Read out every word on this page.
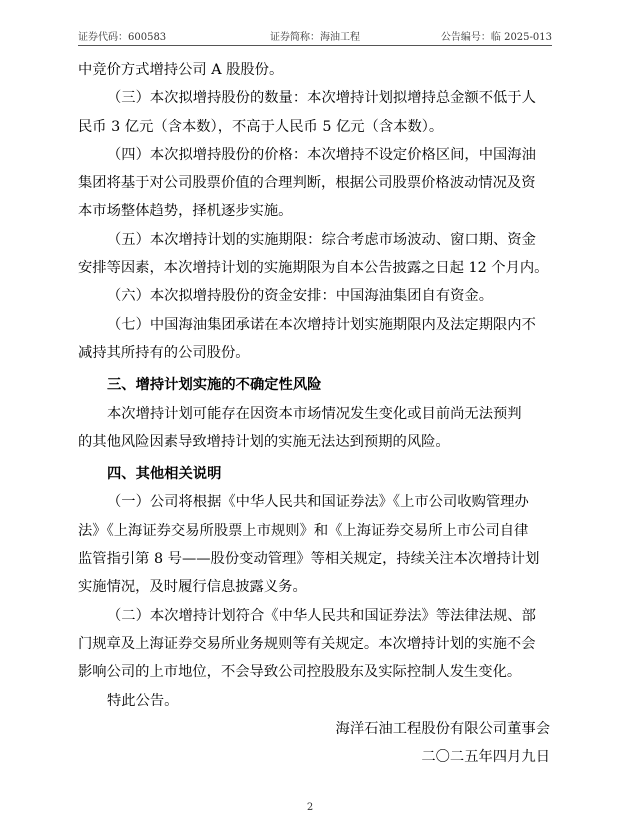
证券代码：600583	证券简称：海油工程	公告编号：临 2025-013
中竞价方式增持公司 A 股股份。
（三）本次拟增持股份的数量：本次增持计划拟增持总金额不低于人
民币 3 亿元（含本数），不高于人民币 5 亿元（含本数）。
（四）本次拟增持股份的价格：本次增持不设定价格区间，中国海油
集团将基于对公司股票价值的合理判断，根据公司股票价格波动情况及资
本市场整体趋势，择机逐步实施。
（五）本次增持计划的实施期限：综合考虑市场波动、窗口期、资金
安排等因素，本次增持计划的实施期限为自本公告披露之日起 12 个月内。
（六）本次拟增持股份的资金安排：中国海油集团自有资金。
（七）中国海油集团承诺在本次增持计划实施期限内及法定期限内不
减持其所持有的公司股份。
三、增持计划实施的不确定性风险
本次增持计划可能存在因资本市场情况发生变化或目前尚无法预判
的其他风险因素导致增持计划的实施无法达到预期的风险。
四、其他相关说明
（一）公司将根据《中华人民共和国证券法》《上市公司收购管理办
法》《上海证券交易所股票上市规则》和《上海证券交易所上市公司自律
监管指引第 8 号——股份变动管理》等相关规定，持续关注本次增持计划
实施情况，及时履行信息披露义务。
（二）本次增持计划符合《中华人民共和国证券法》等法律法规、部
门规章及上海证券交易所业务规则等有关规定。本次增持计划的实施不会
影响公司的上市地位，不会导致公司控股股东及实际控制人发生变化。
特此公告。
海洋石油工程股份有限公司董事会
二〇二五年四月九日
2
